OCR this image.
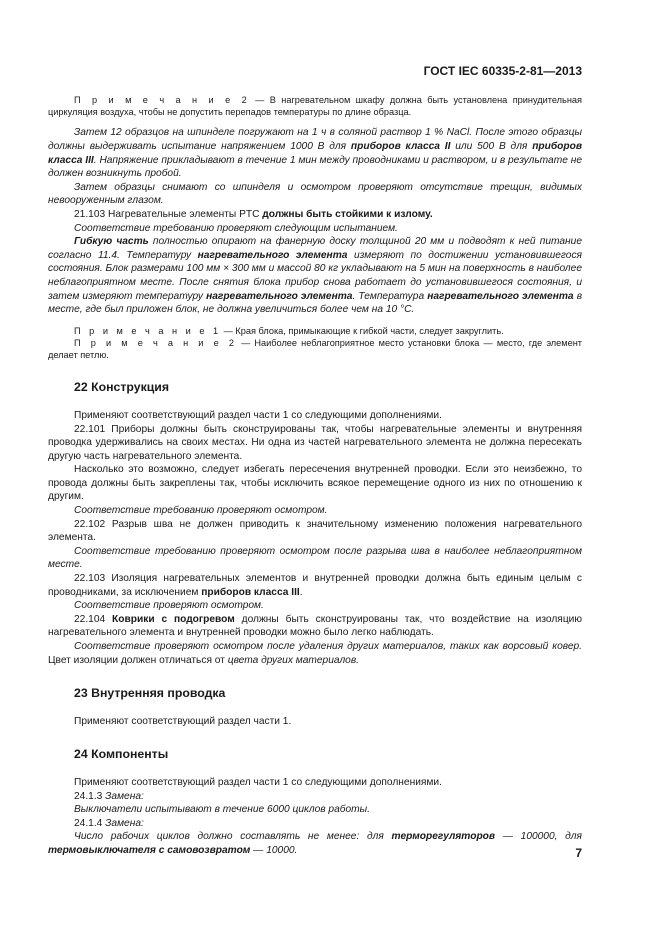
ГОСТ IEC 60335-2-81—2013

П р и м е ч а н и е 2 — В нагревательном шкафу должна быть установлена принудительная циркуляция воздуха, чтобы не допустить перепадов температуры по длине образца.

Затем 12 образцов на шпинделе погружают на 1 ч в соляной раствор 1 % NaCl. После этого образцы должны выдерживать испытание напряжением 1000 В для приборов класса II или 500 В для приборов класса III. Напряжение прикладывают в течение 1 мин между проводниками и раствором, и в результате не должен возникнуть пробой.

Затем образцы снимают со шпинделя и осмотром проверяют отсутствие трещин, видимых невооруженным глазом.

21.103 Нагревательные элементы PTC должны быть стойкими к излому.

Соответствие требованию проверяют следующим испытанием.

Гибкую часть полностью опирают на фанерную доску толщиной 20 мм и подводят к ней питание согласно 11.4. Температуру нагревательного элемента измеряют по достижении установившегося состояния. Блок размерами 100 мм × 300 мм и массой 80 кг укладывают на 5 мин на поверхность в наиболее неблагоприятном месте. После снятия блока прибор снова работает до установившегося состояния, и затем измеряют температуру нагревательного элемента. Температура нагревательного элемента в месте, где был приложен блок, не должна увеличиться более чем на 10 °C.

П р и м е ч а н и е 1 — Края блока, примыкающие к гибкой части, следует закруглить.

П р и м е ч а н и е 2 — Наиболее неблагоприятное место установки блока — место, где элемент делает петлю.

22 Конструкция

Применяют соответствующий раздел части 1 со следующими дополнениями.

22.101 Приборы должны быть сконструированы так, чтобы нагревательные элементы и внутренняя проводка удерживались на своих местах. Ни одна из частей нагревательного элемента не должна пересекать другую часть нагревательного элемента.

Насколько это возможно, следует избегать пересечения внутренней проводки. Если это неизбежно, то провода должны быть закреплены так, чтобы исключить всякое перемещение одного из них по отношению к другим.

Соответствие требованию проверяют осмотром.

22.102 Разрыв шва не должен приводить к значительному изменению положения нагревательного элемента.

Соответствие требованию проверяют осмотром после разрыва шва в наиболее неблагоприятном месте.

22.103 Изоляция нагревательных элементов и внутренней проводки должна быть единым целым с проводниками, за исключением приборов класса III.

Соответствие проверяют осмотром.

22.104 Коврики с подогревом должны быть сконструированы так, что воздействие на изоляцию нагревательного элемента и внутренней проводки можно было легко наблюдать.

Соответствие проверяют осмотром после удаления других материалов, таких как ворсовый ковер. Цвет изоляции должен отличаться от цвета других материалов.

23 Внутренняя проводка

Применяют соответствующий раздел части 1.

24 Компоненты

Применяют соответствующий раздел части 1 со следующими дополнениями.

24.1.3 Замена:

Выключатели испытывают в течение 6000 циклов работы.

24.1.4 Замена:

Число рабочих циклов должно составлять не менее: для терморегуляторов — 100000, для термовыключателя с самовозвратом — 10000.	7
